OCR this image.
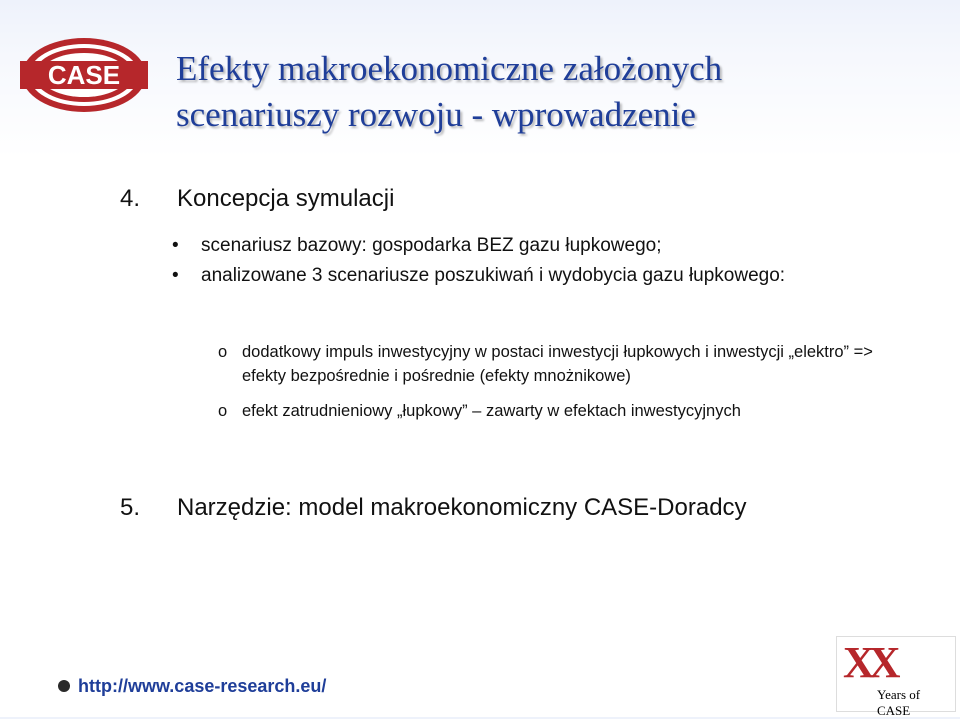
CASE Efekty makroekonomiczne założonych
scenariuszy rozwoju - wprowadzenie
4. Koncepcja symulacji
• scenariusz bazowy: gospodarka BEZ gazu łupkowego;
• analizowane 3 scenariusze poszukiwań i wydobycia gazu łupkowego:
o dodatkowy impuls inwestycyjny w postaci inwestycji łupkowych i inwestycji „elektro” => efekty bezpośrednie i pośrednie (efekty mnożnikowe)
o efekt zatrudnieniowy „łupkowy” – zawarty w efektach inwestycyjnych
5. Narzędzie: model makroekonomiczny CASE-Doradcy
http://www.case-research.eu/	XX
Years of CASE
